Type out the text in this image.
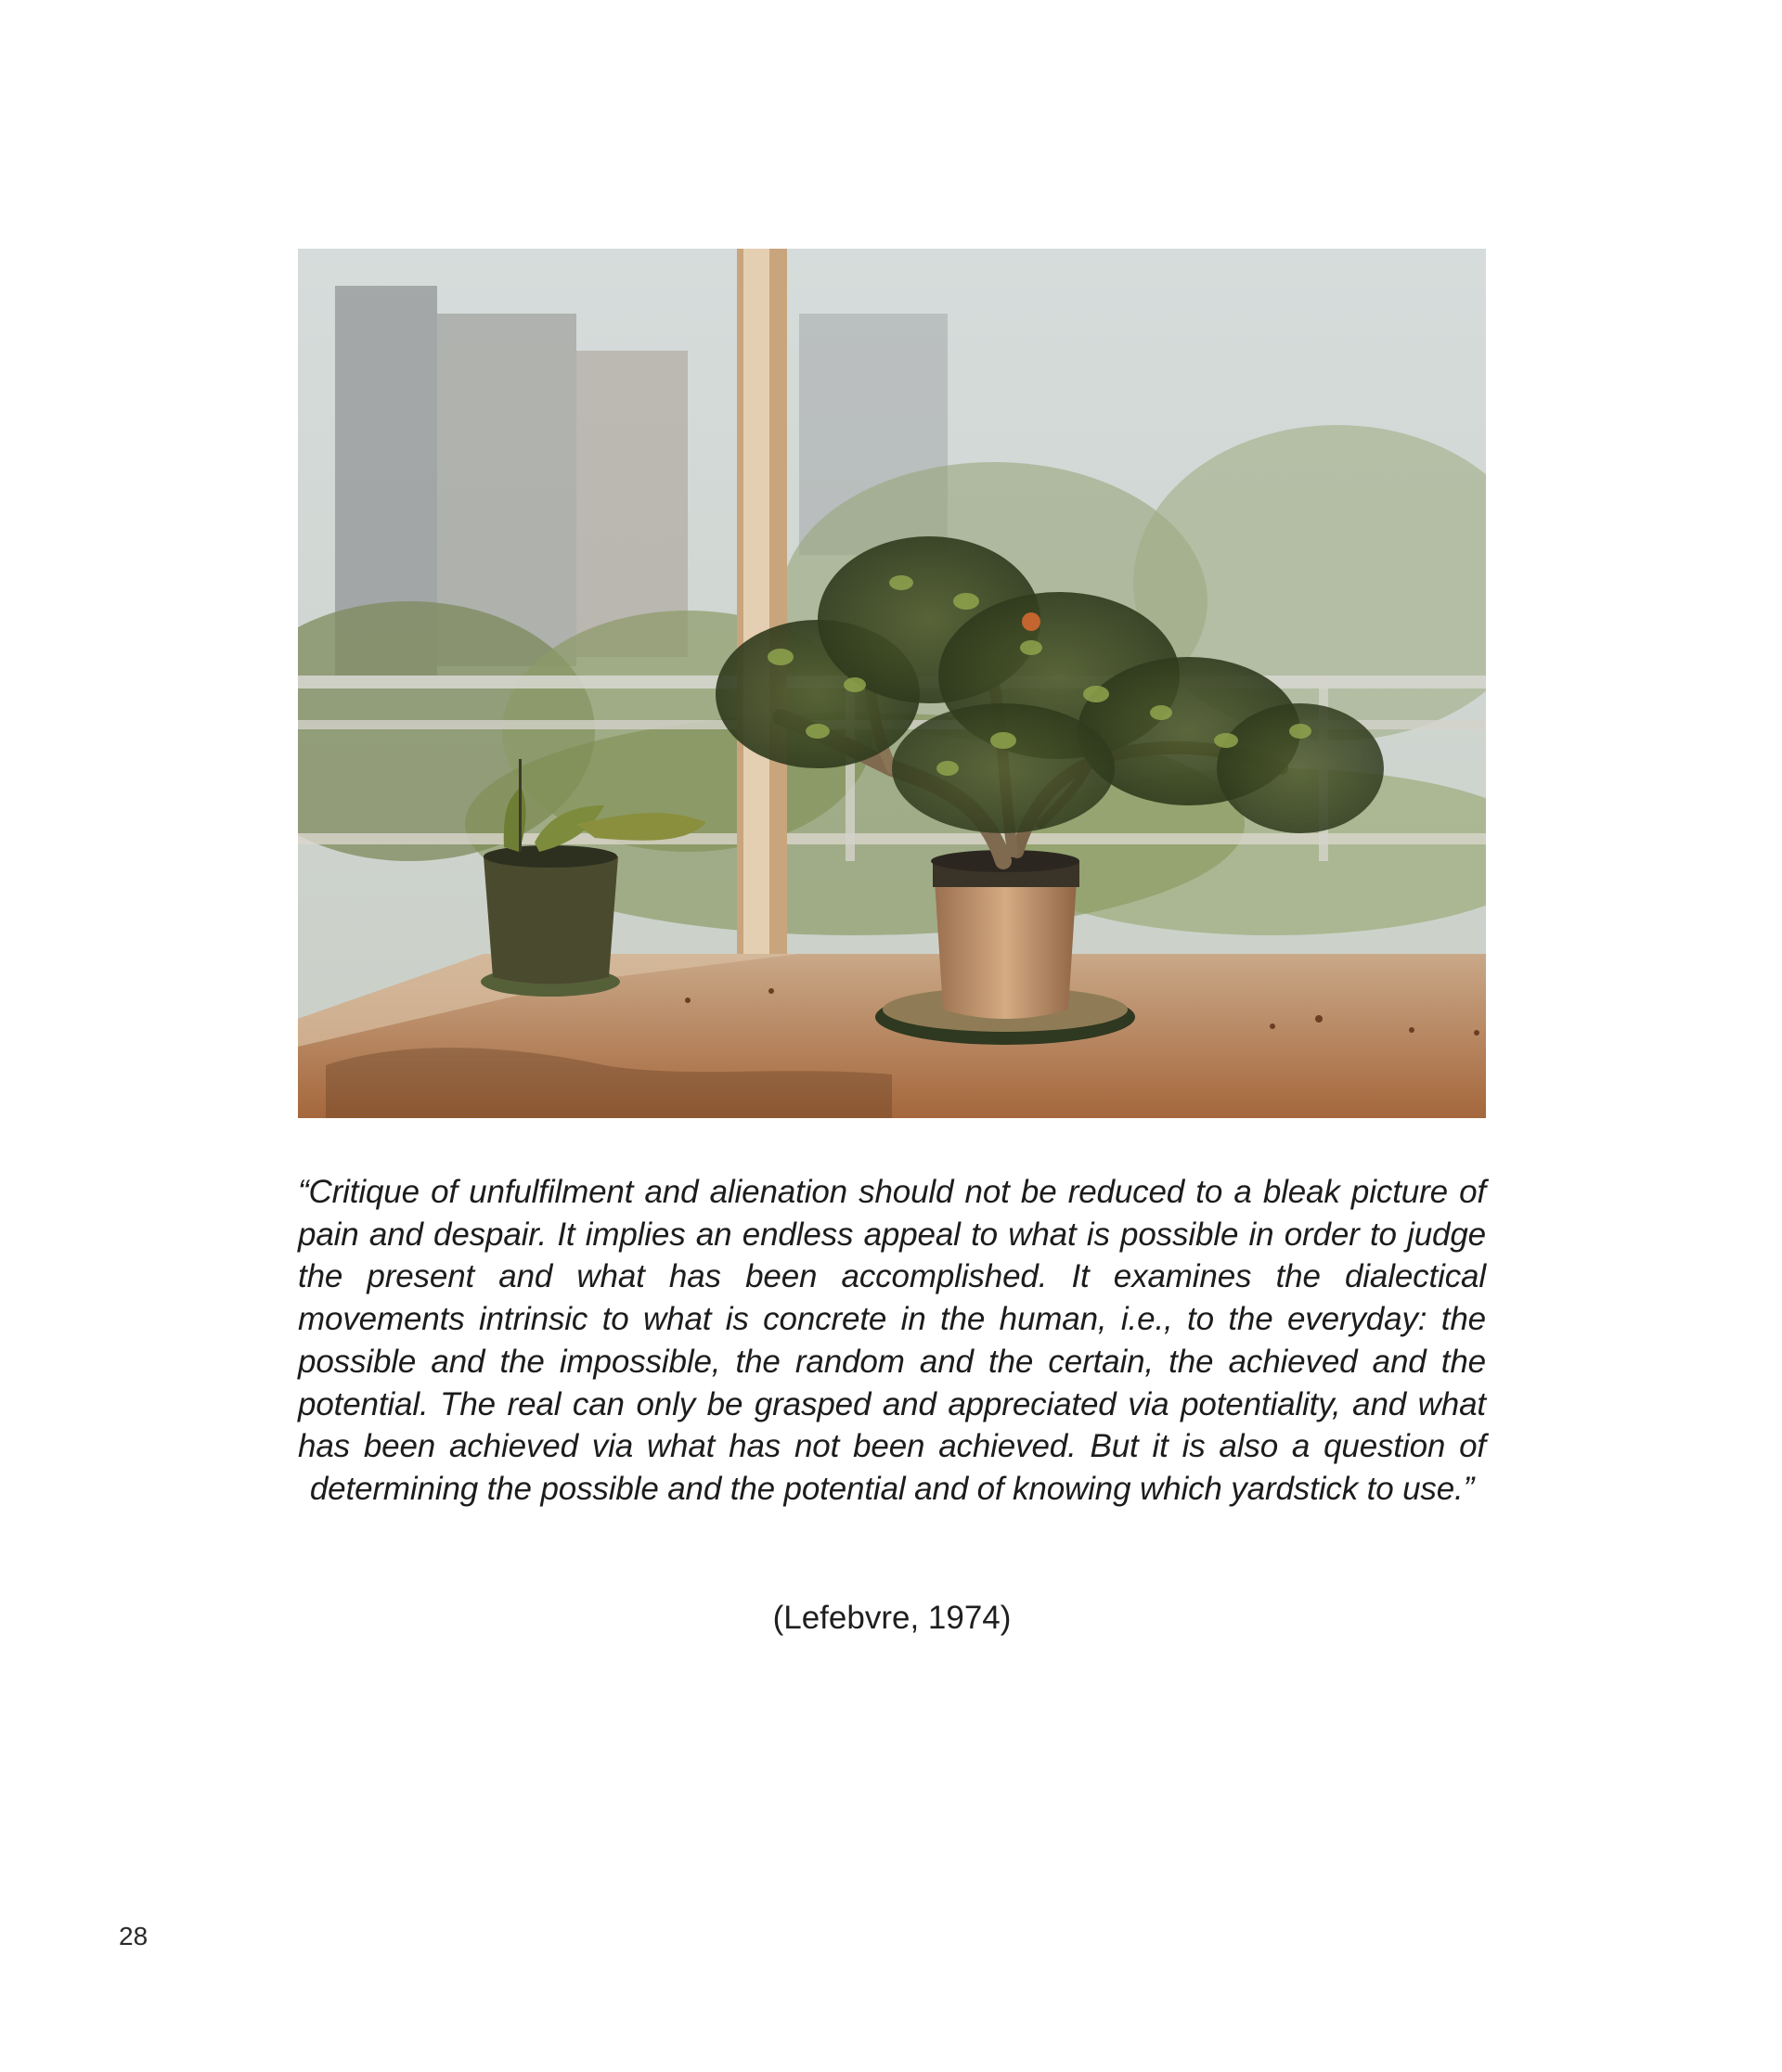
“Critique of unfulfilment and alienation should not be reduced to a bleak picture of pain and despair. It implies an endless appeal to what is possible in order to judge the present and what has been accomplished. It examines the dialectical movements intrinsic to what is concrete in the human, i.e., to the everyday: the possible and the impossible, the random and the certain, the achieved and the potential. The real can only be grasped and appreciated via potentiality, and what has been achieved via what has not been achieved. But it is also a question of determining the possible and the potential and of knowing which yardstick to use.”

(Lefebvre, 1974)
28
